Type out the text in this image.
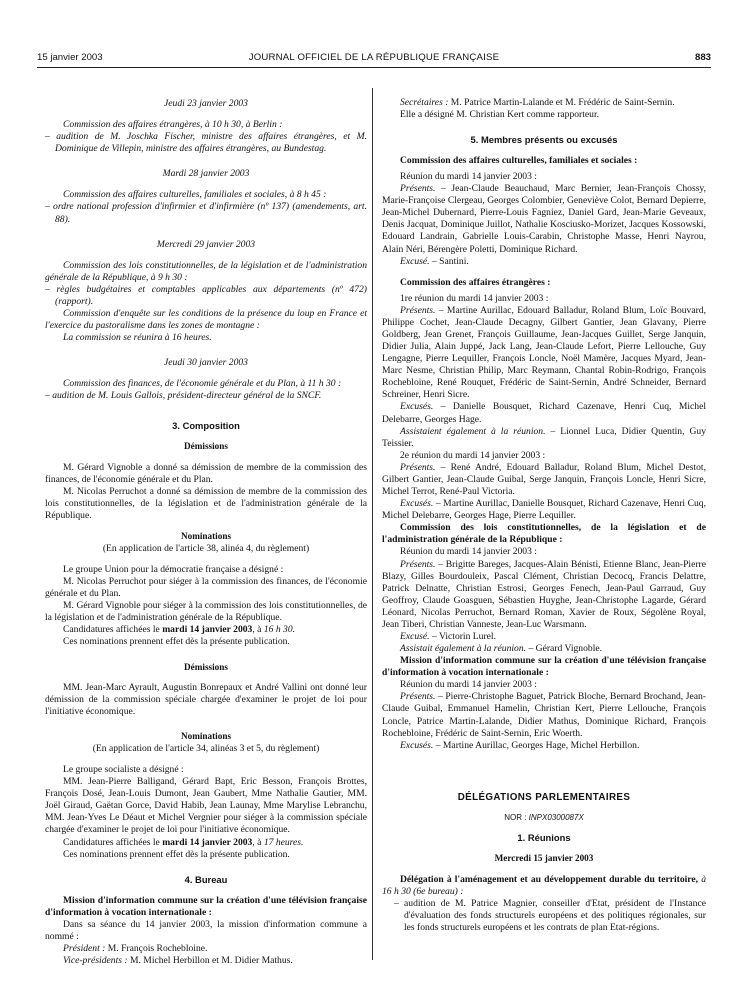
15 janvier 2003	JOURNAL OFFICIEL DE LA RÉPUBLIQUE FRANÇAISE	883

Jeudi 23 janvier 2003

Commission des affaires étrangères, à 10 h 30, à Berlin :

– audition de M. Joschka Fischer, ministre des affaires étrangères, et M. Dominique de Villepin, ministre des affaires étrangères, au Bundestag.

Mardi 28 janvier 2003

Commission des affaires culturelles, familiales et sociales, à 8 h 45 :

– ordre national profession d'infirmier et d'infirmière (nº 137) (amendements, art. 88).

Mercredi 29 janvier 2003

Commission des lois constitutionnelles, de la législation et de l'administration générale de la République, à 9 h 30 :

– règles budgétaires et comptables applicables aux départements (nº 472) (rapport).

Commission d'enquête sur les conditions de la présence du loup en France et l'exercice du pastoralisme dans les zones de montagne :

La commission se réunira à 16 heures.

Jeudi 30 janvier 2003

Commission des finances, de l'économie générale et du Plan, à 11 h 30 :

– audition de M. Louis Gallois, président-directeur général de la SNCF.

3. Composition

Démissions

M. Gérard Vignoble a donné sa démission de membre de la commission des finances, de l'économie générale et du Plan.

M. Nicolas Perruchot a donné sa démission de membre de la commission des lois constitutionnelles, de la législation et de l'administration générale de la République.

Nominations

(En application de l'article 38, alinéa 4, du règlement)

Le groupe Union pour la démocratie française a désigné :

M. Nicolas Perruchot pour siéger à la commission des finances, de l'économie générale et du Plan.

M. Gérard Vignoble pour siéger à la commission des lois constitutionnelles, de la législation et de l'administration générale de la République.

Candidatures affichées le mardi 14 janvier 2003, à 16 h 30.

Ces nominations prennent effet dès la présente publication.

Démissions

MM. Jean-Marc Ayrault, Augustin Bonrepaux et André Vallini ont donné leur démission de la commission spéciale chargée d'examiner le projet de loi pour l'initiative économique.

Nominations

(En application de l'article 34, alinéas 3 et 5, du règlement)

Le groupe socialiste a désigné :

MM. Jean-Pierre Balligand, Gérard Bapt, Eric Besson, François Brottes, François Dosé, Jean-Louis Dumont, Jean Gaubert, Mme Nathalie Gautier, MM. Joël Giraud, Gaëtan Gorce, David Habib, Jean Launay, Mme Marylise Lebranchu, MM. Jean-Yves Le Déaut et Michel Vergnier pour siéger à la commission spéciale chargée d'examiner le projet de loi pour l'initiative économique.

Candidatures affichées le mardi 14 janvier 2003, à 17 heures.

Ces nominations prennent effet dès la présente publication.

4. Bureau

Mission d'information commune sur la création d'une télévision française d'information à vocation internationale :

Dans sa séance du 14 janvier 2003, la mission d'information commune a nommé :

Président : M. François Rochebloine.

Vice-présidents : M. Michel Herbillon et M. Didier Mathus.

Secrétaires : M. Patrice Martin-Lalande et M. Frédéric de Saint-Sernin.

Elle a désigné M. Christian Kert comme rapporteur.

5. Membres présents ou excusés

Commission des affaires culturelles, familiales et sociales :

Réunion du mardi 14 janvier 2003 :

Présents. – Jean-Claude Beauchaud, Marc Bernier, Jean-François Chossy, Marie-Françoise Clergeau, Georges Colombier, Geneviève Colot, Bernard Depierre, Jean-Michel Dubernard, Pierre-Louis Fagniez, Daniel Gard, Jean-Marie Geveaux, Denis Jacquat, Dominique Juillot, Nathalie Kosciusko-Morizet, Jacques Kossowski, Edouard Landrain, Gabrielle Louis-Carabin, Christophe Masse, Henri Nayrou, Alain Néri, Bérengère Poletti, Dominique Richard.

Excusé. – Santini.

Commission des affaires étrangères :

1re réunion du mardi 14 janvier 2003 :

Présents. – Martine Aurillac, Edouard Balladur, Roland Blum, Loïc Bouvard, Philippe Cochet, Jean-Claude Decagny, Gilbert Gantier, Jean Glavany, Pierre Goldberg, Jean Grenet, François Guillaume, Jean-Jacques Guillet, Serge Janquin, Didier Julia, Alain Juppé, Jack Lang, Jean-Claude Lefort, Pierre Lellouche, Guy Lengagne, Pierre Lequiller, François Loncle, Noël Mamère, Jacques Myard, Jean-Marc Nesme, Christian Philip, Marc Reymann, Chantal Robin-Rodrigo, François Rochebloine, René Rouquet, Frédéric de Saint-Sernin, André Schneider, Bernard Schreiner, Henri Sicre.

Excusés. – Danielle Bousquet, Richard Cazenave, Henri Cuq, Michel Delebarre, Georges Hage.

Assistaient également à la réunion. – Lionnel Luca, Didier Quentin, Guy Teissier.

2e réunion du mardi 14 janvier 2003 :

Présents. – René André, Edouard Balladur, Roland Blum, Michel Destot, Gilbert Gantier, Jean-Claude Guibal, Serge Janquin, François Loncle, Henri Sicre, Michel Terrot, René-Paul Victoria.

Excusés. – Martine Aurillac, Danielle Bousquet, Richard Cazenave, Henri Cuq, Michel Delebarre, Georges Hage, Pierre Lequiller.

Commission des lois constitutionnelles, de la législation et de l'administration générale de la République :

Réunion du mardi 14 janvier 2003 :

Présents. – Brigitte Bareges, Jacques-Alain Bénisti, Etienne Blanc, Jean-Pierre Blazy, Gilles Bourdouleix, Pascal Clément, Christian Decocq, Francis Delattre, Patrick Delnatte, Christian Estrosi, Georges Fenech, Jean-Paul Garraud, Guy Geoffroy, Claude Goasguen, Sébastien Huyghe, Jean-Christophe Lagarde, Gérard Léonard, Nicolas Perruchot, Bernard Roman, Xavier de Roux, Ségolène Royal, Jean Tiberi, Christian Vanneste, Jean-Luc Warsmann.

Excusé. – Victorin Lurel.

Assistait également à la réunion. – Gérard Vignoble.

Mission d'information commune sur la création d'une télévision française d'information à vocation internationale :

Réunion du mardi 14 janvier 2003 :

Présents. – Pierre-Christophe Baguet, Patrick Bloche, Bernard Brochand, Jean-Claude Guibal, Emmanuel Hamelin, Christian Kert, Pierre Lellouche, François Loncle, Patrice Martin-Lalande, Didier Mathus, Dominique Richard, François Rochebloine, Frédéric de Saint-Sernin, Eric Woerth.

Excusés. – Martine Aurillac, Georges Hage, Michel Herbillon.

DÉLÉGATIONS PARLEMENTAIRES

NOR : INPX0300087X

1. Réunions

Mercredi 15 janvier 2003

Délégation à l'aménagement et au développement durable du territoire, à 16 h 30 (6e bureau) :

– audition de M. Patrice Magnier, conseiller d'Etat, président de l'Instance d'évaluation des fonds structurels européens et des politiques régionales, sur les fonds structurels européens et les contrats de plan Etat-régions.
